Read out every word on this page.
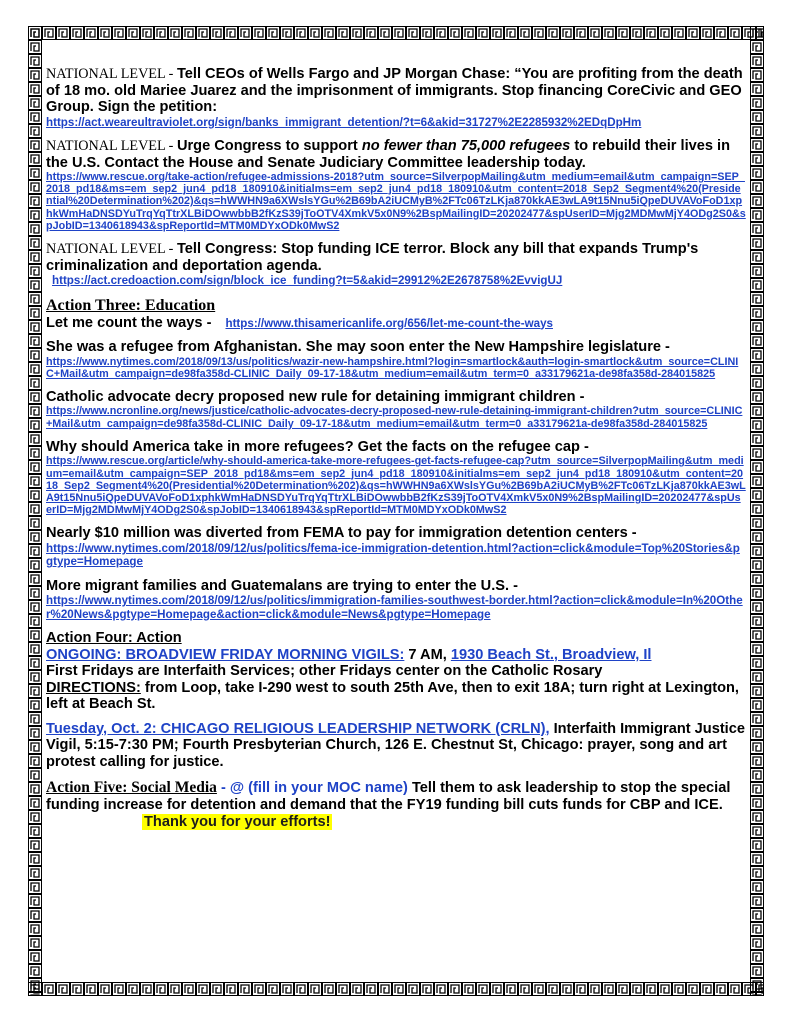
NATIONAL LEVEL - Tell CEOs of Wells Fargo and JP Morgan Chase: “You are profiting from the death of 18 mo. old Mariee Juarez and the imprisonment of immigrants. Stop financing CoreCivic and GEO Group. Sign the petition:
https://act.weareultraviolet.org/sign/banks_immigrant_detention/?t=6&akid=31727%2E2285932%2EDqDpHm
NATIONAL LEVEL - Urge Congress to support no fewer than 75,000 refugees to rebuild their lives in the U.S. Contact the House and Senate Judiciary Committee leadership today.
https://www.rescue.org/take-action/refugee-admissions-2018?utm_source=SilverpopMailing&utm_medium=email&utm_campaign=SEP_2018_pd18&ms=em_sep2_jun4_pd18_180910&initialms=em_sep2_jun4_pd18_180910&utm_content=2018_Sep2_Segment4%20(Presidential%20Determination%202)&qs=hWWHN9a6XWslsYGu%2B69bA2iUCMyB%2FTc06TzLKja870kkAE3wLA9t15Nnu5iQpeDUVAVoFoD1xphkWmHaDNSDYuTrqYqTtrXLBiDOwwbbB2fKzS39jToOTV4XmkV5x0N9%2BspMailingID=20202477&spUserID=Mjg2MDMwMjY4ODg2S0&spJobID=1340618943&spReportId=MTM0MDYxODk0MwS2
NATIONAL LEVEL - Tell Congress: Stop funding ICE terror. Block any bill that expands Trump's criminalization and deportation agenda.
https://act.credoaction.com/sign/block_ice_funding?t=5&akid=29912%2E2678758%2EvvigUJ
Action Three: Education
Let me count the ways - https://www.thisamericanlife.org/656/let-me-count-the-ways
She was a refugee from Afghanistan. She may soon enter the New Hampshire legislature -
https://www.nytimes.com/2018/09/13/us/politics/wazir-new-hampshire.html?login=smartlock&auth=login-smartlock&utm_source=CLINIC+Mail&utm_campaign=de98fa358d-CLINIC_Daily_09-17-18&utm_medium=email&utm_term=0_a33179621a-de98fa358d-284015825
Catholic advocate decry proposed new rule for detaining immigrant children -
https://www.ncronline.org/news/justice/catholic-advocates-decry-proposed-new-rule-detaining-immigrant-children?utm_source=CLINIC+Mail&utm_campaign=de98fa358d-CLINIC_Daily_09-17-18&utm_medium=email&utm_term=0_a33179621a-de98fa358d-284015825
Why should America take in more refugees? Get the facts on the refugee cap -
https://www.rescue.org/article/why-should-america-take-more-refugees-get-facts-refugee-cap?utm_source=SilverpopMailing&utm_medium=email&utm_campaign=SEP_2018_pd18&ms=em_sep2_jun4_pd18_180910&initialms=em_sep2_jun4_pd18_180910&utm_content=2018_Sep2_Segment4%20(Presidential%20Determination%202)&qs=hWWHN9a6XWslsYGu%2B69bA2iUCMyB%2FTc06TzLKja870kkAE3wLA9t15Nnu5iQpeDUVAVoFoD1xphkWmHaDNSDYuTrqYqTtrXLBiDOwwbbB2fKzS39jToOTV4XmkV5x0N9%2BspMailingID=20202477&spUserID=Mjg2MDMwMjY4ODg2S0&spJobID=1340618943&spReportId=MTM0MDYxODk0MwS2
Nearly $10 million was diverted from FEMA to pay for immigration detention centers -
https://www.nytimes.com/2018/09/12/us/politics/fema-ice-immigration-detention.html?action=click&module=Top%20Stories&pgtype=Homepage
More migrant families and Guatemalans are trying to enter the U.S. -
https://www.nytimes.com/2018/09/12/us/politics/immigration-families-southwest-border.html?action=click&module=In%20Other%20News&pgtype=Homepage&action=click&module=News&pgtype=Homepage
Action Four: Action
ONGOING: BROADVIEW FRIDAY MORNING VIGILS: 7 AM, 1930 Beach St., Broadview, Il
First Fridays are Interfaith Services; other Fridays center on the Catholic Rosary
DIRECTIONS: from Loop, take I-290 west to south 25th Ave, then to exit 18A; turn right at Lexington, left at Beach St.
Tuesday, Oct. 2: CHICAGO RELIGIOUS LEADERSHIP NETWORK (CRLN), Interfaith Immigrant Justice Vigil, 5:15-7:30 PM; Fourth Presbyterian Church, 126 E. Chestnut St, Chicago: prayer, song and art protest calling for justice.
Action Five: Social Media - @ (fill in your MOC name) Tell them to ask leadership to stop the special funding increase for detention and demand that the FY19 funding bill cuts funds for CBP and ICE.Thank you for your efforts!
